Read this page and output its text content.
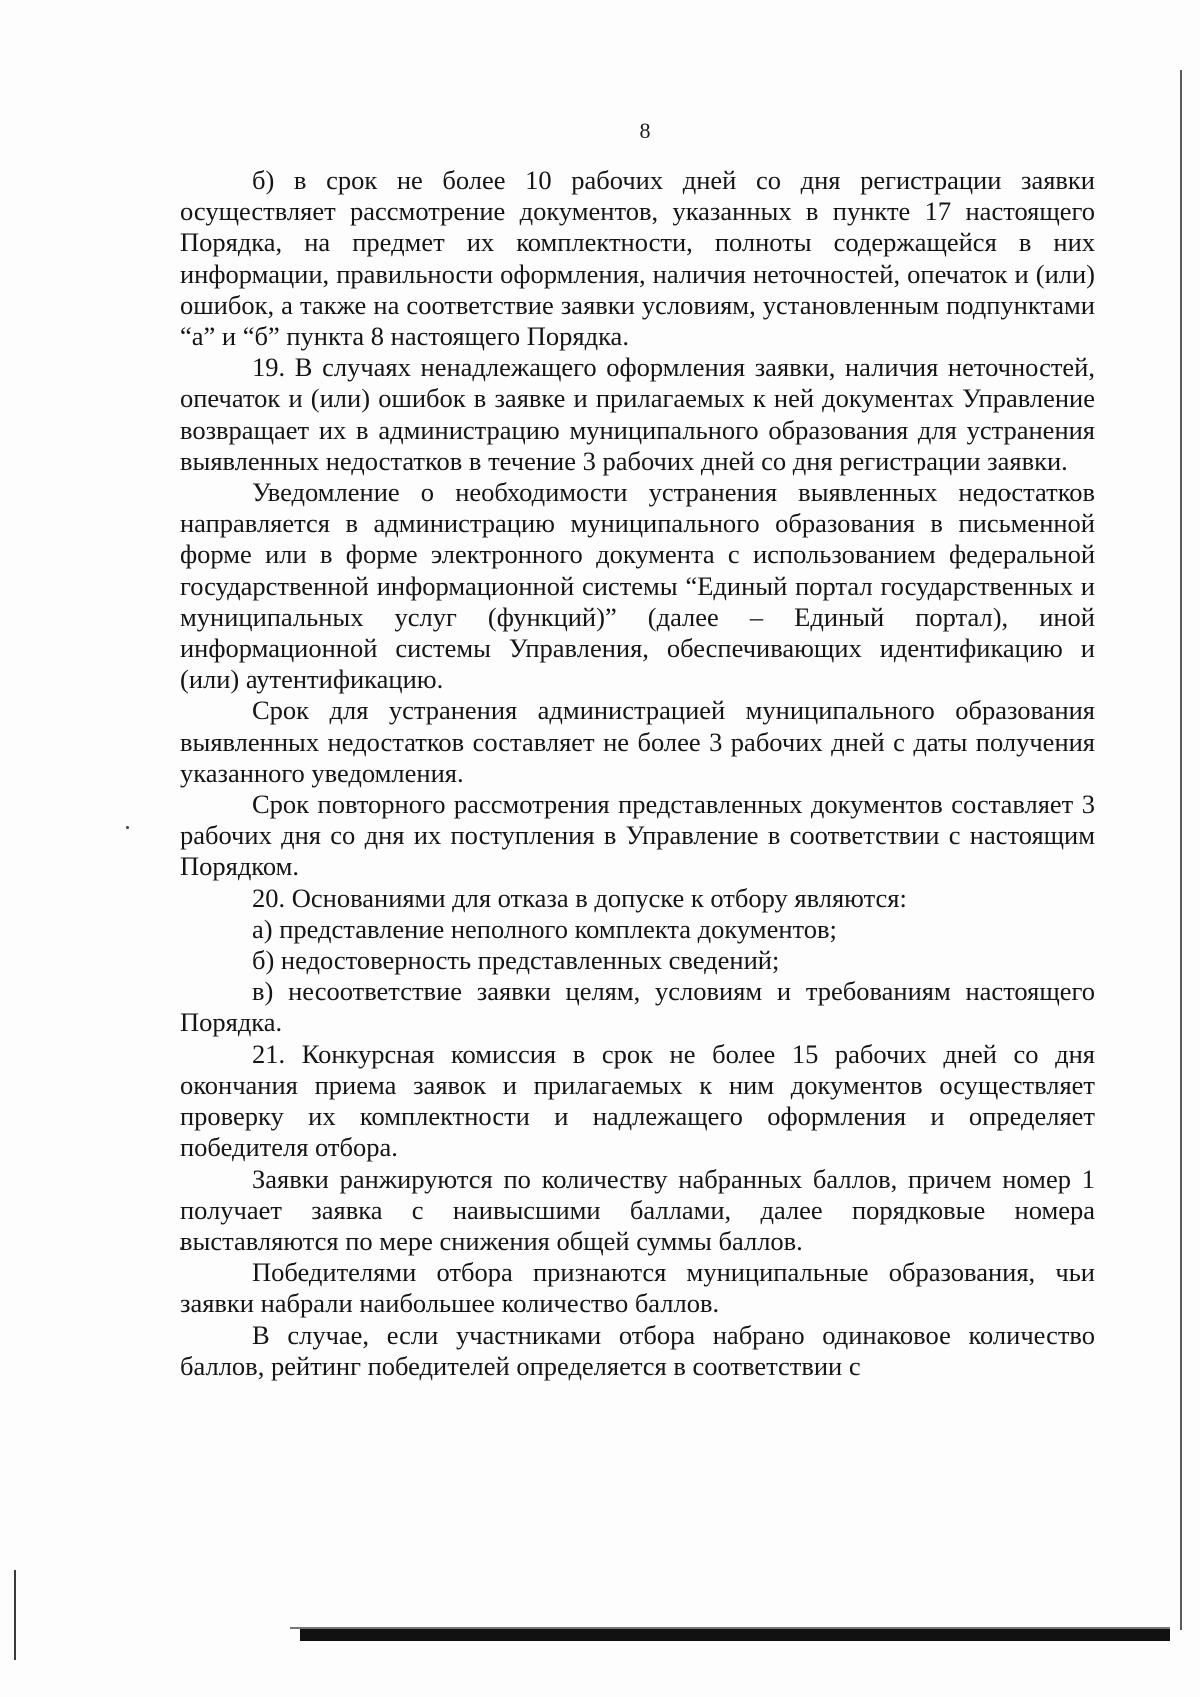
8

б) в срок не более 10 рабочих дней со дня регистрации заявки осуществляет рассмотрение документов, указанных в пункте 17 настоящего Порядка, на предмет их комплектности, полноты содержащейся в них информации, правильности оформления, наличия неточностей, опечаток и (или) ошибок, а также на соответствие заявки условиям, установленным подпунктами “а” и “б” пункта 8 настоящего Порядка.

19. В случаях ненадлежащего оформления заявки, наличия неточностей, опечаток и (или) ошибок в заявке и прилагаемых к ней документах Управление возвращает их в администрацию муниципального образования для устранения выявленных недостатков в течение 3 рабочих дней со дня регистрации заявки.

Уведомление о необходимости устранения выявленных недостатков направляется в администрацию муниципального образования в письменной форме или в форме электронного документа с использованием федеральной государственной информационной системы “Единый портал государственных и муниципальных услуг (функций)” (далее – Единый портал), иной информационной системы Управления, обеспечивающих идентификацию и (или) аутентификацию.

Срок для устранения администрацией муниципального образования выявленных недостатков составляет не более 3 рабочих дней с даты получения указанного уведомления.

Срок повторного рассмотрения представленных документов составляет 3 рабочих дня со дня их поступления в Управление в соответствии с настоящим Порядком.

20. Основаниями для отказа в допуске к отбору являются:

а) представление неполного комплекта документов;

б) недостоверность представленных сведений;

в) несоответствие заявки целям, условиям и требованиям настоящего Порядка.

21. Конкурсная комиссия в срок не более 15 рабочих дней со дня окончания приема заявок и прилагаемых к ним документов осуществляет проверку их комплектности и надлежащего оформления и определяет победителя отбора.

Заявки ранжируются по количеству набранных баллов, причем номер 1 получает заявка с наивысшими баллами, далее порядковые номера выставляются по мере снижения общей суммы баллов.

Победителями отбора признаются муниципальные образования, чьи заявки набрали наибольшее количество баллов.

В случае, если участниками отбора набрано одинаковое количество баллов, рейтинг победителей определяется в соответствии с
